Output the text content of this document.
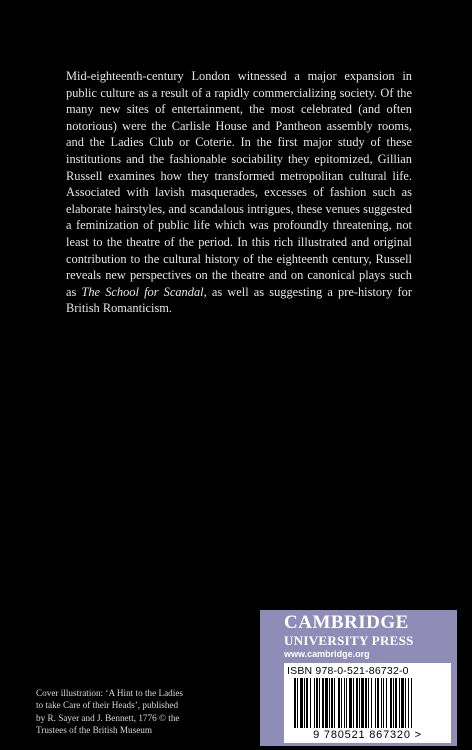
Mid-eighteenth-century London witnessed a major expansion in public culture as a result of a rapidly commercializing society. Of the many new sites of entertainment, the most celebrated (and often notorious) were the Carlisle House and Pantheon assembly rooms, and the Ladies Club or Coterie. In the first major study of these institutions and the fashionable sociability they epitomized, Gillian Russell examines how they transformed metropolitan cultural life. Associated with lavish masquerades, excesses of fashion such as elaborate hairstyles, and scandalous intrigues, these venues suggested a feminization of public life which was profoundly threatening, not least to the theatre of the period. In this rich illustrated and original contribution to the cultural history of the eighteenth century, Russell reveals new perspectives on the theatre and on canonical plays such as The School for Scandal, as well as suggesting a pre-history for British Romanticism.

Cover illustration: ‘A Hint to the Ladies to take Care of their Heads’, published by R. Sayer and J. Bennett, 1776 © the Trustees of the British Museum

CAMBRIDGE
UNIVERSITY PRESS
www.cambridge.org
ISBN 978-0-521-86732-0
9 780521 867320 >
